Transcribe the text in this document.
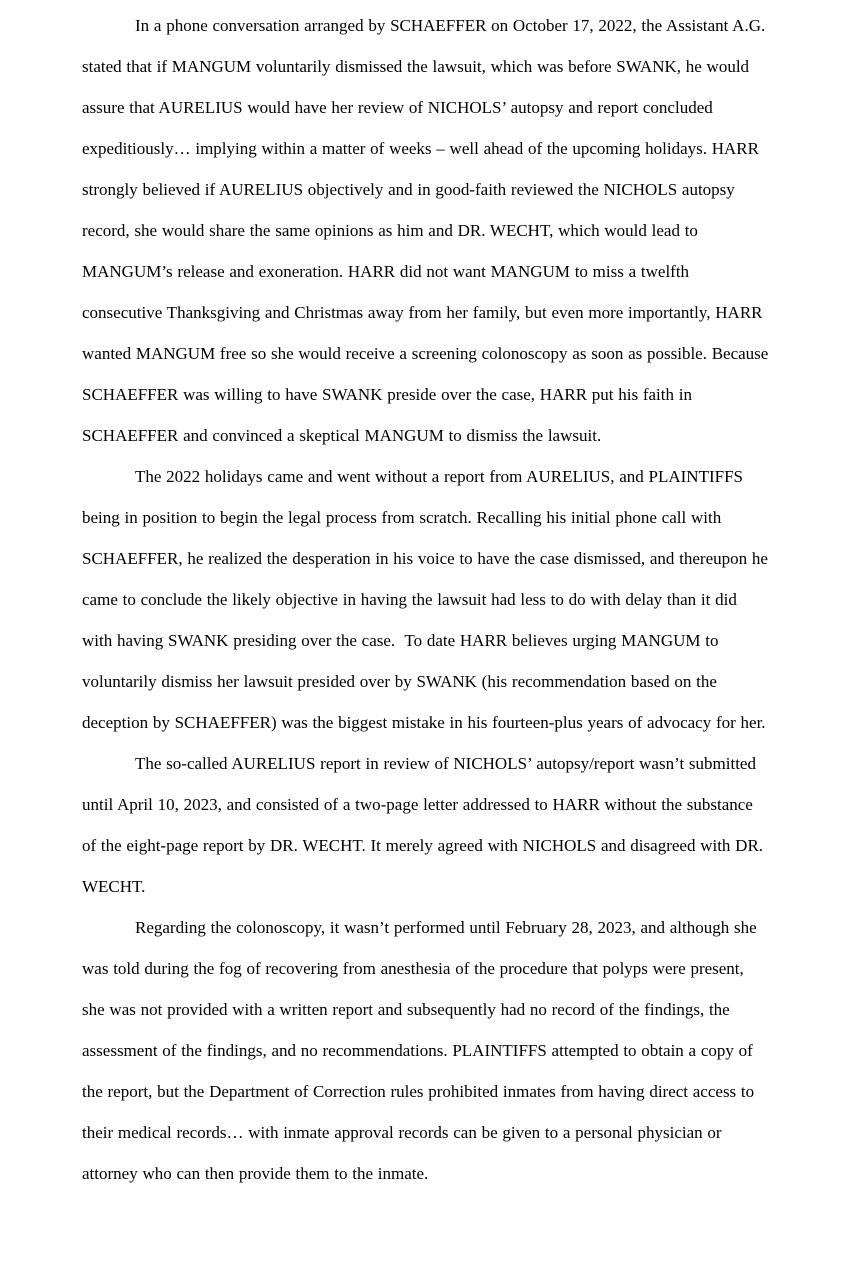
In a phone conversation arranged by SCHAEFFER on October 17, 2022, the Assistant A.G. stated that if MANGUM voluntarily dismissed the lawsuit, which was before SWANK, he would assure that AURELIUS would have her review of NICHOLS’ autopsy and report concluded expeditiously… implying within a matter of weeks – well ahead of the upcoming holidays. HARR strongly believed if AURELIUS objectively and in good-faith reviewed the NICHOLS autopsy record, she would share the same opinions as him and DR. WECHT, which would lead to MANGUM’s release and exoneration. HARR did not want MANGUM to miss a twelfth consecutive Thanksgiving and Christmas away from her family, but even more importantly, HARR wanted MANGUM free so she would receive a screening colonoscopy as soon as possible. Because SCHAEFFER was willing to have SWANK preside over the case, HARR put his faith in SCHAEFFER and convinced a skeptical MANGUM to dismiss the lawsuit.

The 2022 holidays came and went without a report from AURELIUS, and PLAINTIFFS being in position to begin the legal process from scratch. Recalling his initial phone call with SCHAEFFER, he realized the desperation in his voice to have the case dismissed, and thereupon he came to conclude the likely objective in having the lawsuit had less to do with delay than it did with having SWANK presiding over the case.  To date HARR believes urging MANGUM to voluntarily dismiss her lawsuit presided over by SWANK (his recommendation based on the deception by SCHAEFFER) was the biggest mistake in his fourteen-plus years of advocacy for her.

The so-called AURELIUS report in review of NICHOLS’ autopsy/report wasn’t submitted until April 10, 2023, and consisted of a two-page letter addressed to HARR without the substance of the eight-page report by DR. WECHT. It merely agreed with NICHOLS and disagreed with DR. WECHT.

Regarding the colonoscopy, it wasn’t performed until February 28, 2023, and although she was told during the fog of recovering from anesthesia of the procedure that polyps were present, she was not provided with a written report and subsequently had no record of the findings, the assessment of the findings, and no recommendations. PLAINTIFFS attempted to obtain a copy of the report, but the Department of Correction rules prohibited inmates from having direct access to their medical records… with inmate approval records can be given to a personal physician or attorney who can then provide them to the inmate.
